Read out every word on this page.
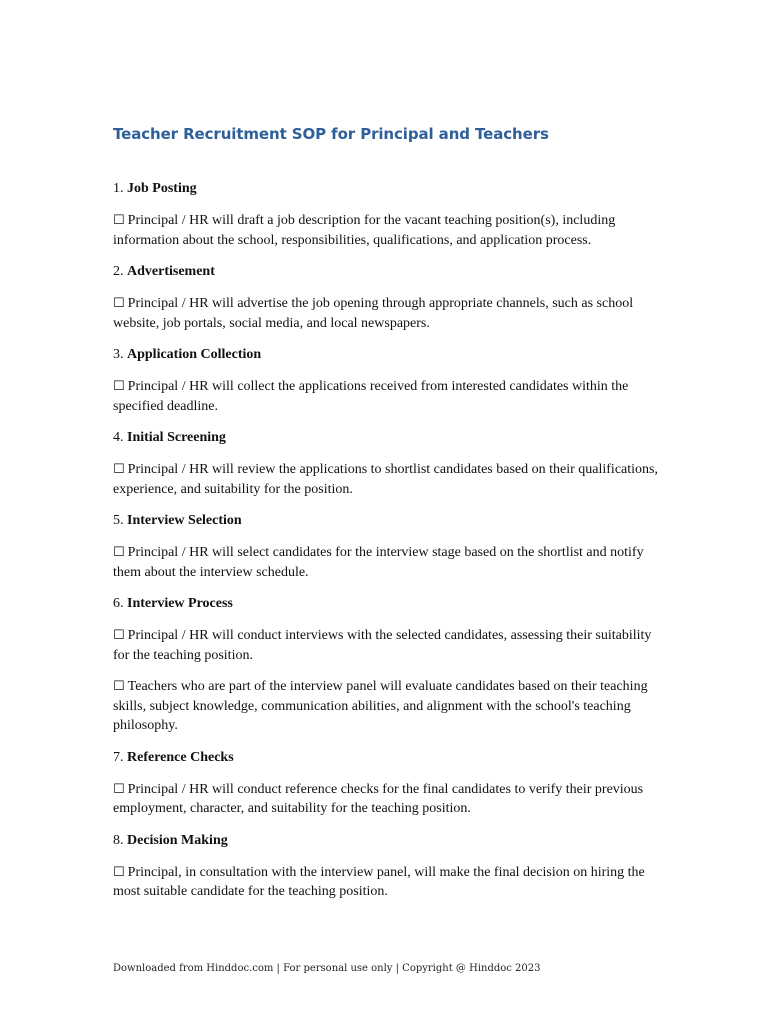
Teacher Recruitment SOP for Principal and Teachers
1. Job Posting
☐ Principal / HR will draft a job description for the vacant teaching position(s), including information about the school, responsibilities, qualifications, and application process.
2. Advertisement
☐ Principal / HR will advertise the job opening through appropriate channels, such as school website, job portals, social media, and local newspapers.
3. Application Collection
☐ Principal / HR will collect the applications received from interested candidates within the specified deadline.
4. Initial Screening
☐ Principal / HR will review the applications to shortlist candidates based on their qualifications, experience, and suitability for the position.
5. Interview Selection
☐ Principal / HR will select candidates for the interview stage based on the shortlist and notify them about the interview schedule.
6. Interview Process
☐ Principal / HR will conduct interviews with the selected candidates, assessing their suitability for the teaching position.
☐ Teachers who are part of the interview panel will evaluate candidates based on their teaching skills, subject knowledge, communication abilities, and alignment with the school's teaching philosophy.
7. Reference Checks
☐ Principal / HR will conduct reference checks for the final candidates to verify their previous employment, character, and suitability for the teaching position.
8. Decision Making
☐ Principal, in consultation with the interview panel, will make the final decision on hiring the most suitable candidate for the teaching position.
Downloaded from Hinddoc.com | For personal use only | Copyright @ Hinddoc 2023
